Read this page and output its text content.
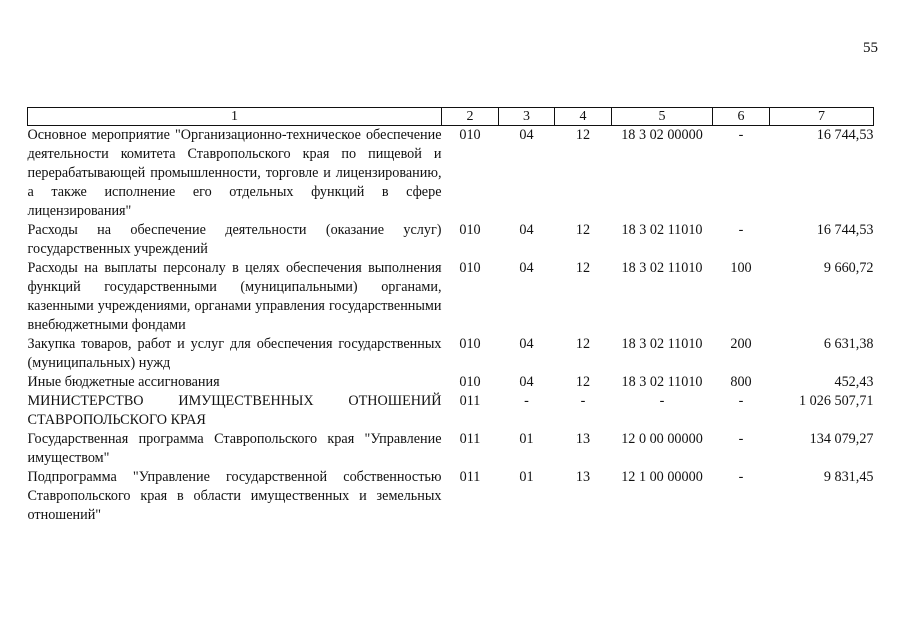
55
1	2	3	4	5	6	7
Основное мероприятие "Организационно-техническое обеспечение деятельности комитета Ставропольского края по пищевой и перерабатывающей промышленности, торговле и лицензированию, а также исполнение его отдельных функций в сфере лицензирования"	010	04	12	18 3 02 00000	-	16 744,53
Расходы на обеспечение деятельности (оказание услуг) государственных учреждений	010	04	12	18 3 02 11010	-	16 744,53
Расходы на выплаты персоналу в целях обеспечения выполнения функций государственными (муниципальными) органами, казенными учреждениями, органами управления государственными внебюджетными фондами	010	04	12	18 3 02 11010	100	9 660,72
Закупка товаров, работ и услуг для обеспечения государственных (муниципальных) нужд	010	04	12	18 3 02 11010	200	6 631,38
Иные бюджетные ассигнования	010	04	12	18 3 02 11010	800	452,43
МИНИСТЕРСТВО ИМУЩЕСТВЕННЫХ ОТНОШЕНИЙ СТАВРОПОЛЬСКОГО КРАЯ	011	-	-	-	-	1 026 507,71
Государственная программа Ставропольского края "Управление имуществом"	011	01	13	12 0 00 00000	-	134 079,27
Подпрограмма "Управление государственной собственностью Ставропольского края в области имущественных и земельных отношений"	011	01	13	12 1 00 00000	-	9 831,45
